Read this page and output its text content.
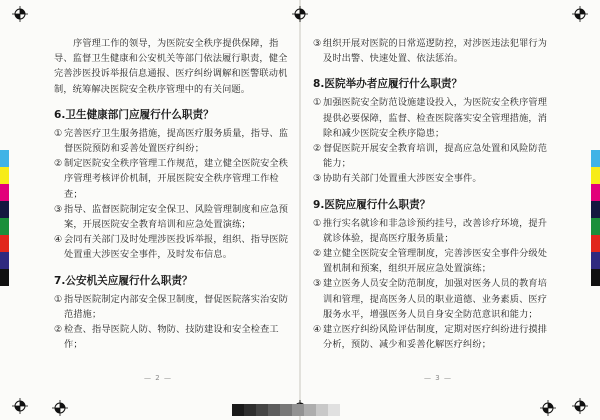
序管理工作的领导，为医院安全秩序提供保障，指导、监督卫生健康和公安机关等部门依法履行职责，健全完善涉医投诉举报信息通报、医疗纠纷调解和医警联动机制，统筹解决医院安全秩序管理中的有关问题。

6.卫生健康部门应履行什么职责？
① 完善医疗卫生服务措施，提高医疗服务质量，指导、监督医院预防和妥善处置医疗纠纷；
② 制定医院安全秩序管理工作规范，建立健全医院安全秩序管理考核评价机制，开展医院安全秩序管理工作检查；
③ 指导、监督医院制定安全保卫、风险管理制度和应急预案，开展医院安全教育培训和应急处置演练；
④ 会同有关部门及时处理涉医投诉举报，组织、指导医院处置重大涉医安全事件，及时发布信息。
7.公安机关应履行什么职责？
① 指导医院制定内部安全保卫制度，督促医院落实治安防范措施；
② 检查、指导医院人防、物防、技防建设和安全检查工作；
③ 组织开展对医院的日常巡逻防控，对涉医违法犯罪行为及时出警、快速处置、依法惩治。
8.医院举办者应履行什么职责？
① 加强医院安全防范设施建设投入，为医院安全秩序管理提供必要保障，监督、检查医院落实安全管理措施，消除和减少医院安全秩序隐患；
② 督促医院开展安全教育培训，提高应急处置和风险防范能力；
③ 协助有关部门处置重大涉医安全事件。
9.医院应履行什么职责？
① 推行实名就诊和非急诊预约挂号，改善诊疗环境，提升就诊体验，提高医疗服务质量；
② 建立健全医院安全管理制度，完善涉医安全事件分级处置机制和预案，组织开展应急处置演练；
③ 建立医务人员安全防范制度，加强对医务人员的教育培训和管理，提高医务人员的职业道德、业务素质、医疗服务水平，增强医务人员自身安全防范意识和能力；
④ 建立医疗纠纷风险评估制度，定期对医疗纠纷进行摸排分析，预防、减少和妥善化解医疗纠纷；
— 2 —	— 3 —
